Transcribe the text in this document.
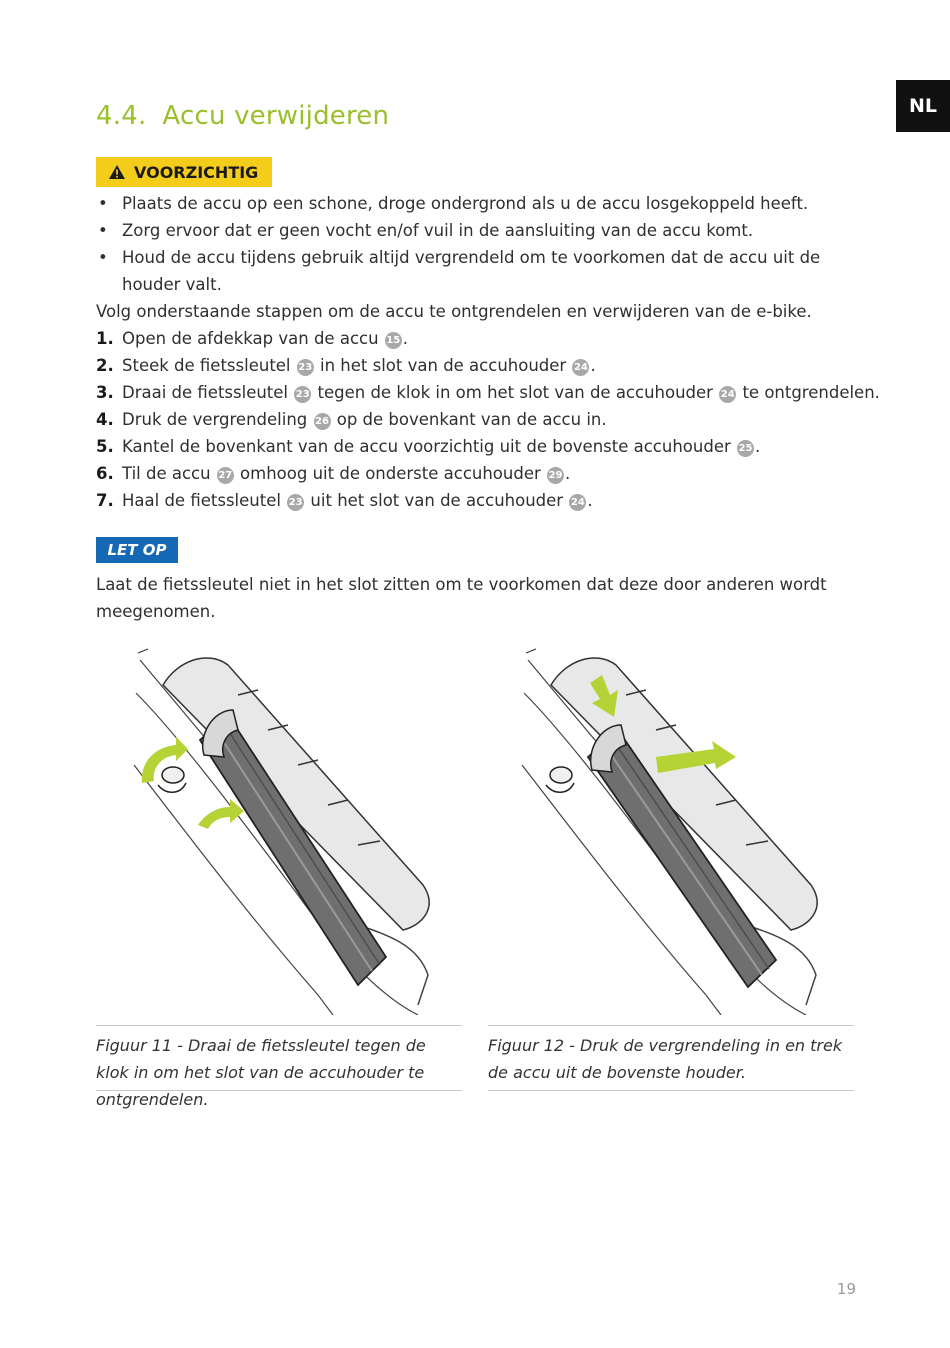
NL
4.4. Accu verwijderen
VOORZICHTIG
• Plaats de accu op een schone, droge ondergrond als u de accu losgekoppeld heeft.
• Zorg ervoor dat er geen vocht en/of vuil in de aansluiting van de accu komt.
• Houd de accu tijdens gebruik altijd vergrendeld om te voorkomen dat de accu uit de houder valt.

Volg onderstaande stappen om de accu te ontgrendelen en verwijderen van de e-bike.

1. Open de afdekkap van de accu 15 .
2. Steek de fietssleutel 23 in het slot van de accuhouder 24 .
3. Draai de fietssleutel 23 tegen de klok in om het slot van de accuhouder 24 te ontgrendelen.
4. Druk de vergrendeling 26 op de bovenkant van de accu in.
5. Kantel de bovenkant van de accu voorzichtig uit de bovenste accuhouder 25 .
6. Til de accu 27 omhoog uit de onderste accuhouder 29 .
7. Haal de fietssleutel 23 uit het slot van de accuhouder 24 .
LET OP

Laat de fietssleutel niet in het slot zitten om te voorkomen dat deze door anderen wordt meegenomen.

Figuur 11 - Draai de fietssleutel tegen de klok in om het slot van de accuhouder te ontgrendelen.
Figuur 12 - Druk de vergrendeling in en trek de accu uit de bovenste houder.
19
